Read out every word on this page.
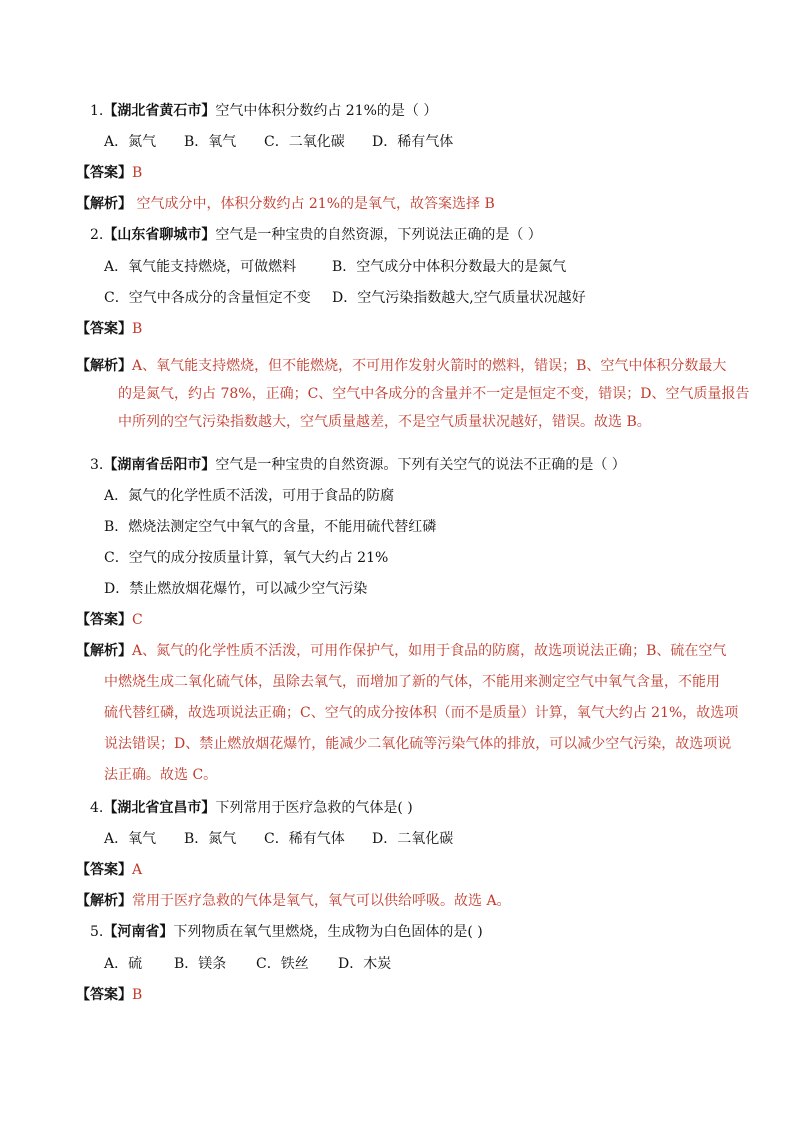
1.【湖北省黄石市】空气中体积分数约占 21%的是（ ）
A．氮气 B．氧气 C．二氧化碳 D．稀有气体
【答案】B
【解析】 空气成分中，体积分数约占 21%的是氧气，故答案选择 B
2.【山东省聊城市】空气是一种宝贵的自然资源，下列说法正确的是（ ）
A．氧气能支持燃烧，可做燃料	B．空气成分中体积分数最大的是氮气
C．空气中各成分的含量恒定不变 D．空气污染指数越大,空气质量状况越好
【答案】B
【解析】A、氧气能支持燃烧，但不能燃烧，不可用作发射火箭时的燃料，错误；B、空气中体积分数最大
的是氮气，约占 78%，正确；C、空气中各成分的含量并不一定是恒定不变，错误；D、空气质量报告
中所列的空气污染指数越大，空气质量越差，不是空气质量状况越好，错误。故选 B。
3.【湖南省岳阳市】空气是一种宝贵的自然资源。下列有关空气的说法不正确的是（ ）
A．氮气的化学性质不活泼，可用于食品的防腐
B．燃烧法测定空气中氧气的含量，不能用硫代替红磷
C．空气的成分按质量计算，氧气大约占 21%
D．禁止燃放烟花爆竹，可以减少空气污染
【答案】C
【解析】A、氮气的化学性质不活泼，可用作保护气，如用于食品的防腐，故选项说法正确；B、硫在空气
中燃烧生成二氧化硫气体，虽除去氧气，而增加了新的气体，不能用来测定空气中氧气含量，不能用
硫代替红磷，故选项说法正确；C、空气的成分按体积（而不是质量）计算，氧气大约占 21%，故选项
说法错误；D、禁止燃放烟花爆竹，能减少二氧化硫等污染气体的排放，可以减少空气污染，故选项说
法正确。故选 C。
4.【湖北省宜昌市】下列常用于医疗急救的气体是( )
A．氧气 B．氮气 C．稀有气体 D．二氧化碳
【答案】A
【解析】常用于医疗急救的气体是氧气，氧气可以供给呼吸。故选 A。
5.【河南省】下列物质在氧气里燃烧，生成物为白色固体的是( )
A．硫 B．镁条 C．铁丝 D．木炭
【答案】B
